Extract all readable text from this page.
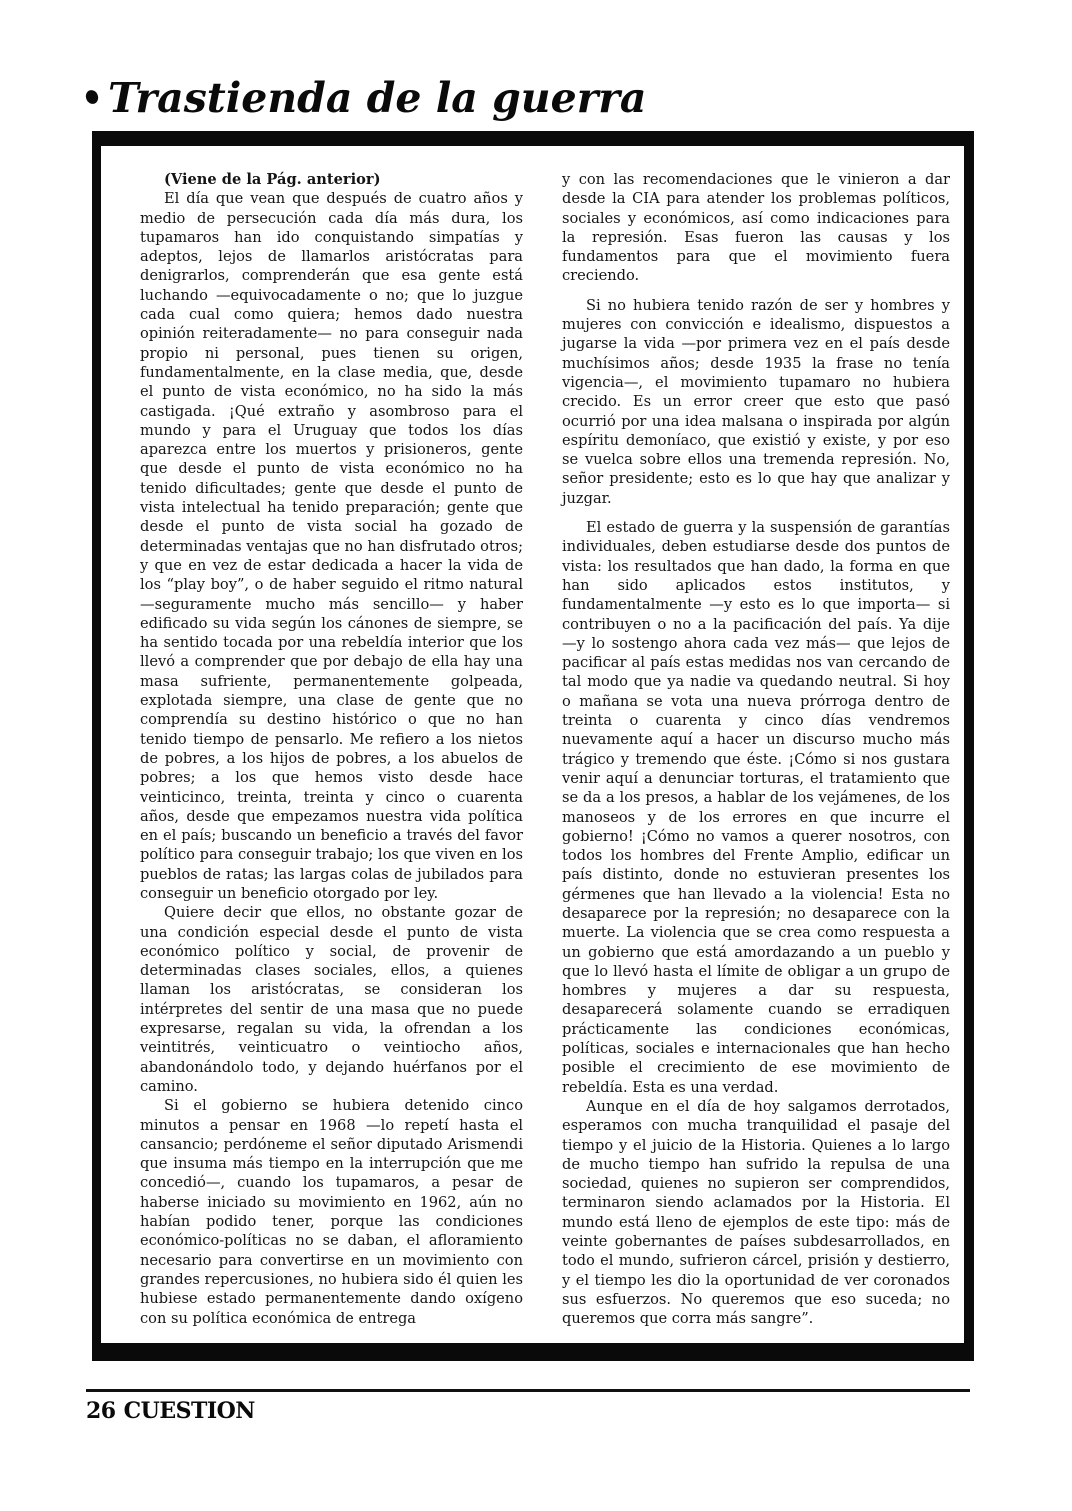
Trastienda de la guerra

(Viene de la Pág. anterior)

El día que vean que después de cuatro años y medio de persecución cada día más dura, los tupamaros han ido conquistando simpatías y adeptos, lejos de llamarlos aristócratas para denigrarlos, comprenderán que esa gente está luchando —equivocadamente o no; que lo juzgue cada cual como quiera; hemos dado nuestra opinión reiteradamente— no para conseguir nada propio ni personal, pues tienen su origen, fundamentalmente, en la clase media, que, desde el punto de vista económico, no ha sido la más castigada. ¡Qué extraño y asombroso para el mundo y para el Uruguay que todos los días aparezca entre los muertos y prisioneros, gente que desde el punto de vista económico no ha tenido dificultades; gente que desde el punto de vista intelectual ha tenido preparación; gente que desde el punto de vista social ha gozado de determinadas ventajas que no han disfrutado otros; y que en vez de estar dedicada a hacer la vida de los “play boy”, o de haber seguido el ritmo natural —seguramente mucho más sencillo— y haber edificado su vida según los cánones de siempre, se ha sentido tocada por una rebeldía interior que los llevó a comprender que por debajo de ella hay una masa sufriente, permanentemente golpeada, explotada siempre, una clase de gente que no comprendía su destino histórico o que no han tenido tiempo de pensarlo. Me refiero a los nietos de pobres, a los hijos de pobres, a los abuelos de pobres; a los que hemos visto desde hace veinticinco, treinta, treinta y cinco o cuarenta años, desde que empezamos nuestra vida política en el país; buscando un beneficio a través del favor político para conseguir trabajo; los que viven en los pueblos de ratas; las largas colas de jubilados para conseguir un beneficio otorgado por ley.

Quiere decir que ellos, no obstante gozar de una condición especial desde el punto de vista económico político y social, de provenir de determinadas clases sociales, ellos, a quienes llaman los aristócratas, se consideran los intérpretes del sentir de una masa que no puede expresarse, regalan su vida, la ofrendan a los veintitrés, veinticuatro o veintiocho años, abandonándolo todo, y dejando huérfanos por el camino.

Si el gobierno se hubiera detenido cinco minutos a pensar en 1968 —lo repetí hasta el cansancio; perdóneme el señor diputado Arismendi que insuma más tiempo en la interrupción que me concedió—, cuando los tupamaros, a pesar de haberse iniciado su movimiento en 1962, aún no habían podido tener, porque las condiciones económico-políticas no se daban, el afloramiento necesario para convertirse en un movimiento con grandes repercusiones, no hubiera sido él quien les hubiese estado permanentemente dando oxígeno con su política económica de entrega

y con las recomendaciones que le vinieron a dar desde la CIA para atender los problemas políticos, sociales y económicos, así como indicaciones para la represión. Esas fueron las causas y los fundamentos para que el movimiento fuera creciendo.

Si no hubiera tenido razón de ser y hombres y mujeres con convicción e idealismo, dispuestos a jugarse la vida —por primera vez en el país desde muchísimos años; desde 1935 la frase no tenía vigencia—, el movimiento tupamaro no hubiera crecido. Es un error creer que esto que pasó ocurrió por una idea malsana o inspirada por algún espíritu demoníaco, que existió y existe, y por eso se vuelca sobre ellos una tremenda represión. No, señor presidente; esto es lo que hay que analizar y juzgar.

El estado de guerra y la suspensión de garantías individuales, deben estudiarse desde dos puntos de vista: los resultados que han dado, la forma en que han sido aplicados estos institutos, y fundamentalmente —y esto es lo que importa— si contribuyen o no a la pacificación del país. Ya dije —y lo sostengo ahora cada vez más— que lejos de pacificar al país estas medidas nos van cercando de tal modo que ya nadie va quedando neutral. Si hoy o mañana se vota una nueva prórroga dentro de treinta o cuarenta y cinco días vendremos nuevamente aquí a hacer un discurso mucho más trágico y tremendo que éste. ¡Cómo si nos gustara venir aquí a denunciar torturas, el tratamiento que se da a los presos, a hablar de los vejámenes, de los manoseos y de los errores en que incurre el gobierno! ¡Cómo no vamos a querer nosotros, con todos los hombres del Frente Amplio, edificar un país distinto, donde no estuvieran presentes los gérmenes que han llevado a la violencia! Esta no desaparece por la represión; no desaparece con la muerte. La violencia que se crea como respuesta a un gobierno que está amordazando a un pueblo y que lo llevó hasta el límite de obligar a un grupo de hombres y mujeres a dar su respuesta, desaparecerá solamente cuando se erradiquen prácticamente las condiciones económicas, políticas, sociales e internacionales que han hecho posible el crecimiento de ese movimiento de rebeldía. Esta es una verdad.

Aunque en el día de hoy salgamos derrotados, esperamos con mucha tranquilidad el pasaje del tiempo y el juicio de la Historia. Quienes a lo largo de mucho tiempo han sufrido la repulsa de una sociedad, quienes no supieron ser comprendidos, terminaron siendo aclamados por la Historia. El mundo está lleno de ejemplos de este tipo: más de veinte gobernantes de países subdesarrollados, en todo el mundo, sufrieron cárcel, prisión y destierro, y el tiempo les dio la oportunidad de ver coronados sus esfuerzos. No queremos que eso suceda; no queremos que corra más sangre”.

26 CUESTION
